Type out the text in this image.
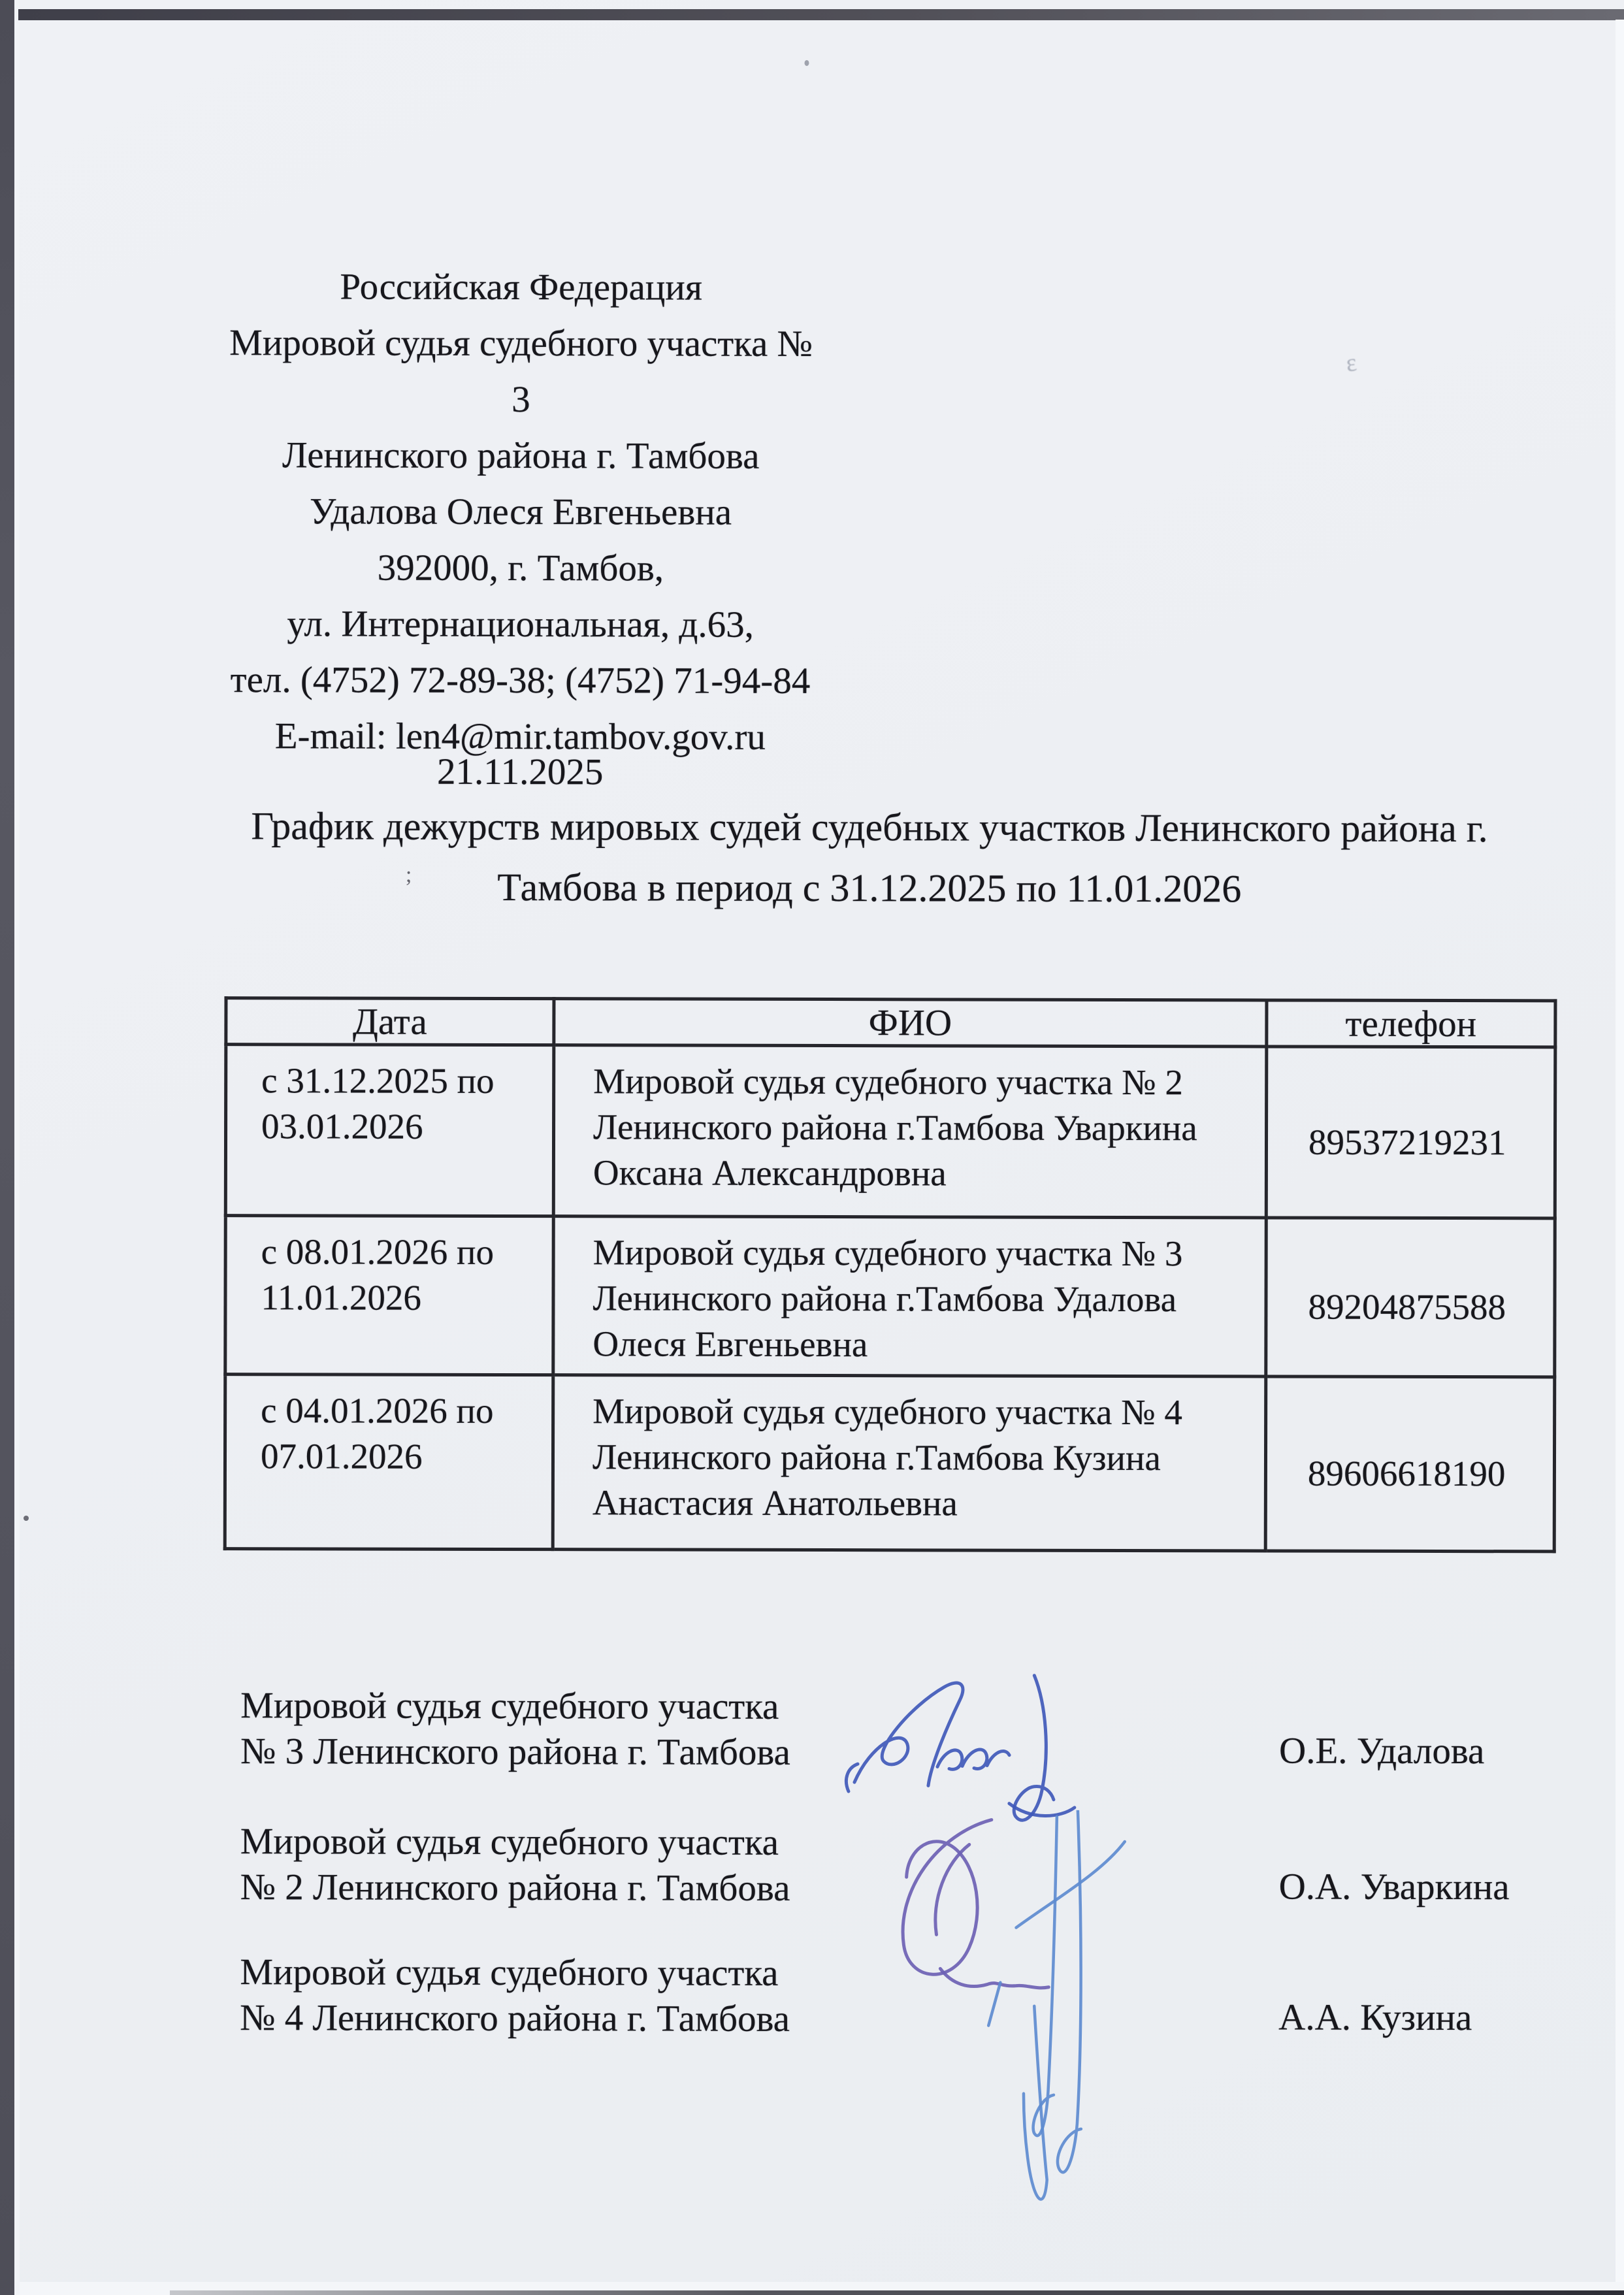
Российская Федерация
Мировой судья судебного участка № 3
Ленинского района г. Тамбова
Удалова Олеся Евгеньевна
392000, г. Тамбов,
ул. Интернациональная, д.63,
тел. (4752) 72-89-38; (4752) 71-94-84
E-mail: len4@mir.tambov.gov.ru
21.11.2025
График дежурств мировых судей судебных участков Ленинского района г.
Тамбова в период с 31.12.2025 по 11.01.2026
Дата	ФИО	телефон
с 31.12.2025 по 03.01.2026	Мировой судья судебного участка № 2 Ленинского района г.Тамбова Уваркина Оксана Александровна	89537219231
с 08.01.2026 по 11.01.2026	Мировой судья судебного участка № 3 Ленинского района г.Тамбова Удалова Олеся Евгеньевна	89204875588
с 04.01.2026 по 07.01.2026	Мировой судья судебного участка № 4 Ленинского района г.Тамбова Кузина Анастасия Анатольевна	89606618190
Мировой судья судебного участка
№ 3 Ленинского района г. Тамбова	О.Е. Удалова
Мировой судья судебного участка
№ 2 Ленинского района г. Тамбова	О.А. Уваркина
Мировой судья судебного участка
№ 4 Ленинского района г. Тамбова	А.А. Кузина
ε
;
